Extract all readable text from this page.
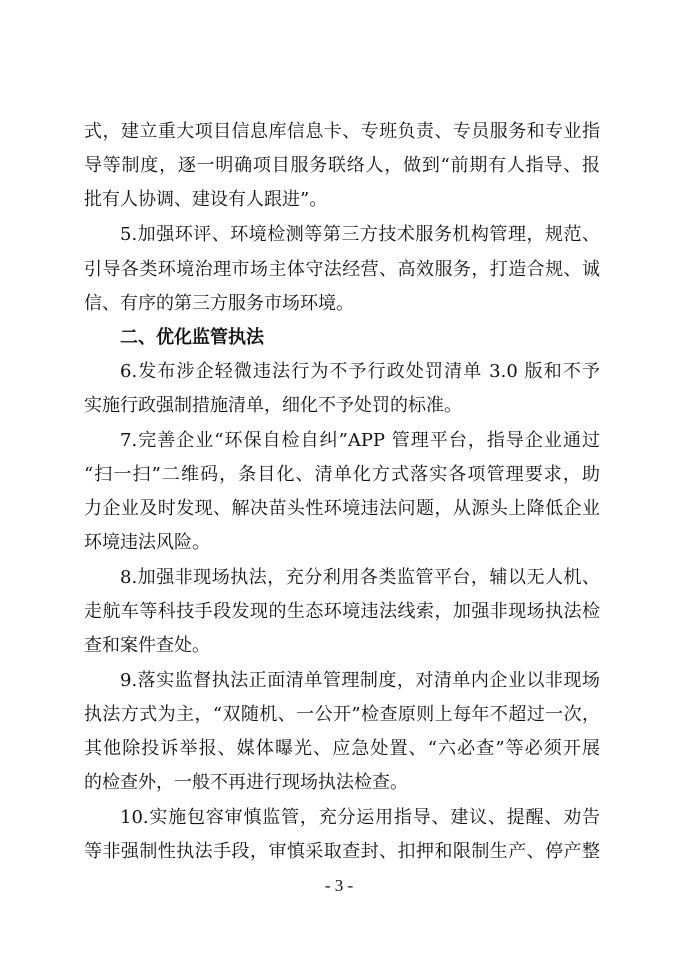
式，建立重大项目信息库信息卡、专班负责、专员服务和专业指
导等制度，逐一明确项目服务联络人，做到“前期有人指导、报
批有人协调、建设有人跟进”。
5.加强环评、环境检测等第三方技术服务机构管理，规范、
引导各类环境治理市场主体守法经营、高效服务，打造合规、诚
信、有序的第三方服务市场环境。
二、优化监管执法
6.发布涉企轻微违法行为不予行政处罚清单 3.0 版和不予
实施行政强制措施清单，细化不予处罚的标准。
7.完善企业“环保自检自纠”APP 管理平台，指导企业通过
“扫一扫”二维码，条目化、清单化方式落实各项管理要求，助
力企业及时发现、解决苗头性环境违法问题，从源头上降低企业
环境违法风险。
8.加强非现场执法，充分利用各类监管平台，辅以无人机、
走航车等科技手段发现的生态环境违法线索，加强非现场执法检
查和案件查处。
9.落实监督执法正面清单管理制度，对清单内企业以非现场
执法方式为主，“双随机、一公开”检查原则上每年不超过一次，
其他除投诉举报、媒体曝光、应急处置、“六必查”等必须开展
的检查外，一般不再进行现场执法检查。
10.实施包容审慎监管，充分运用指导、建议、提醒、劝告
等非强制性执法手段，审慎采取查封、扣押和限制生产、停产整
- 3 -
